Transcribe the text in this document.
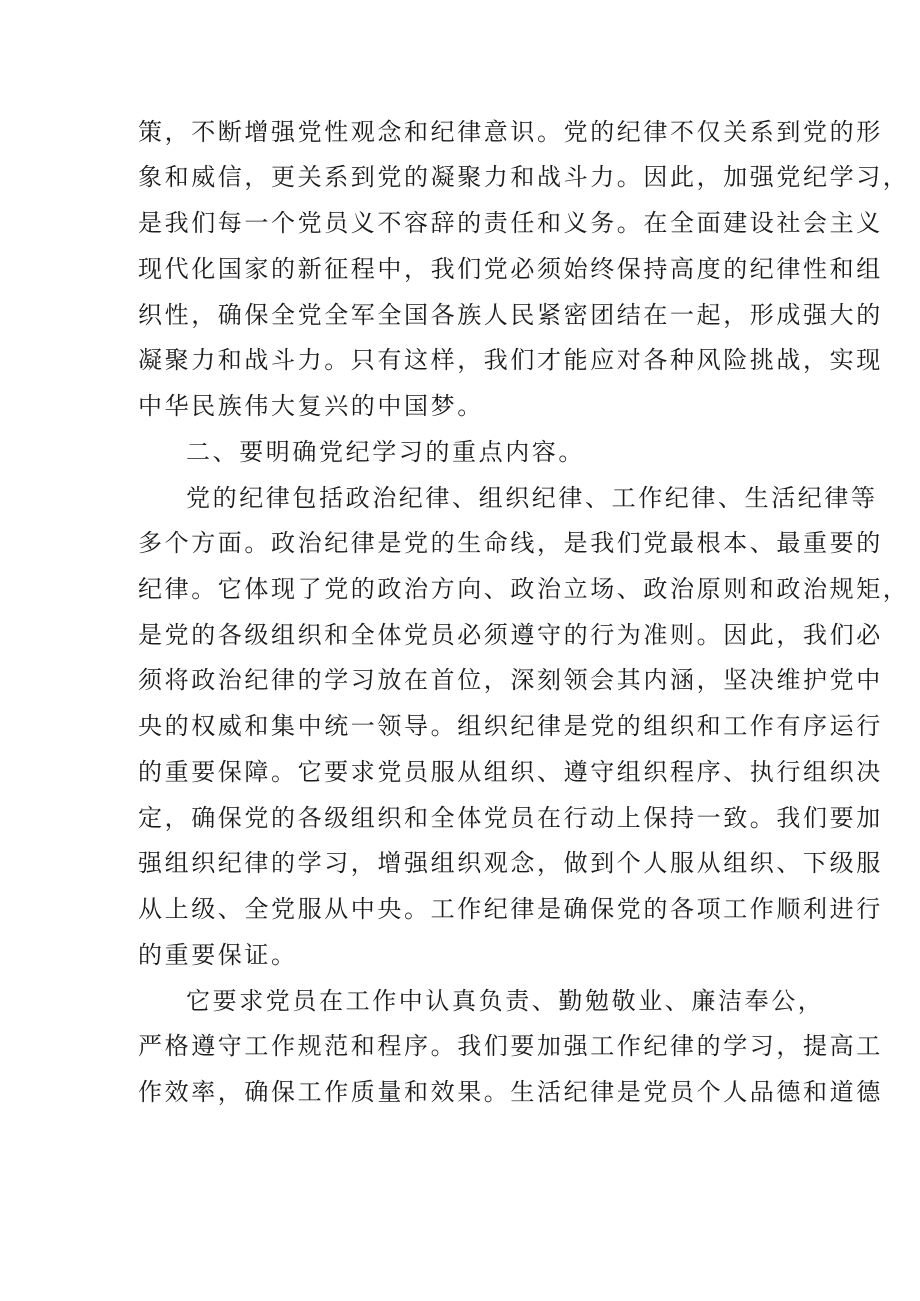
策，不断增强党性观念和纪律意识。党的纪律不仅关系到党的形
象和威信，更关系到党的凝聚力和战斗力。因此，加强党纪学习，
是我们每一个党员义不容辞的责任和义务。在全面建设社会主义
现代化国家的新征程中，我们党必须始终保持高度的纪律性和组
织性，确保全党全军全国各族人民紧密团结在一起，形成强大的
凝聚力和战斗力。只有这样，我们才能应对各种风险挑战，实现
中华民族伟大复兴的中国梦。
二、要明确党纪学习的重点内容。
党的纪律包括政治纪律、组织纪律、工作纪律、生活纪律等
多个方面。政治纪律是党的生命线，是我们党最根本、最重要的
纪律。它体现了党的政治方向、政治立场、政治原则和政治规矩，
是党的各级组织和全体党员必须遵守的行为准则。因此，我们必
须将政治纪律的学习放在首位，深刻领会其内涵，坚决维护党中
央的权威和集中统一领导。组织纪律是党的组织和工作有序运行
的重要保障。它要求党员服从组织、遵守组织程序、执行组织决
定，确保党的各级组织和全体党员在行动上保持一致。我们要加
强组织纪律的学习，增强组织观念，做到个人服从组织、下级服
从上级、全党服从中央。工作纪律是确保党的各项工作顺利进行
的重要保证。
它要求党员在工作中认真负责、勤勉敬业、廉洁奉公，
严格遵守工作规范和程序。我们要加强工作纪律的学习，提高工
作效率，确保工作质量和效果。生活纪律是党员个人品德和道德
